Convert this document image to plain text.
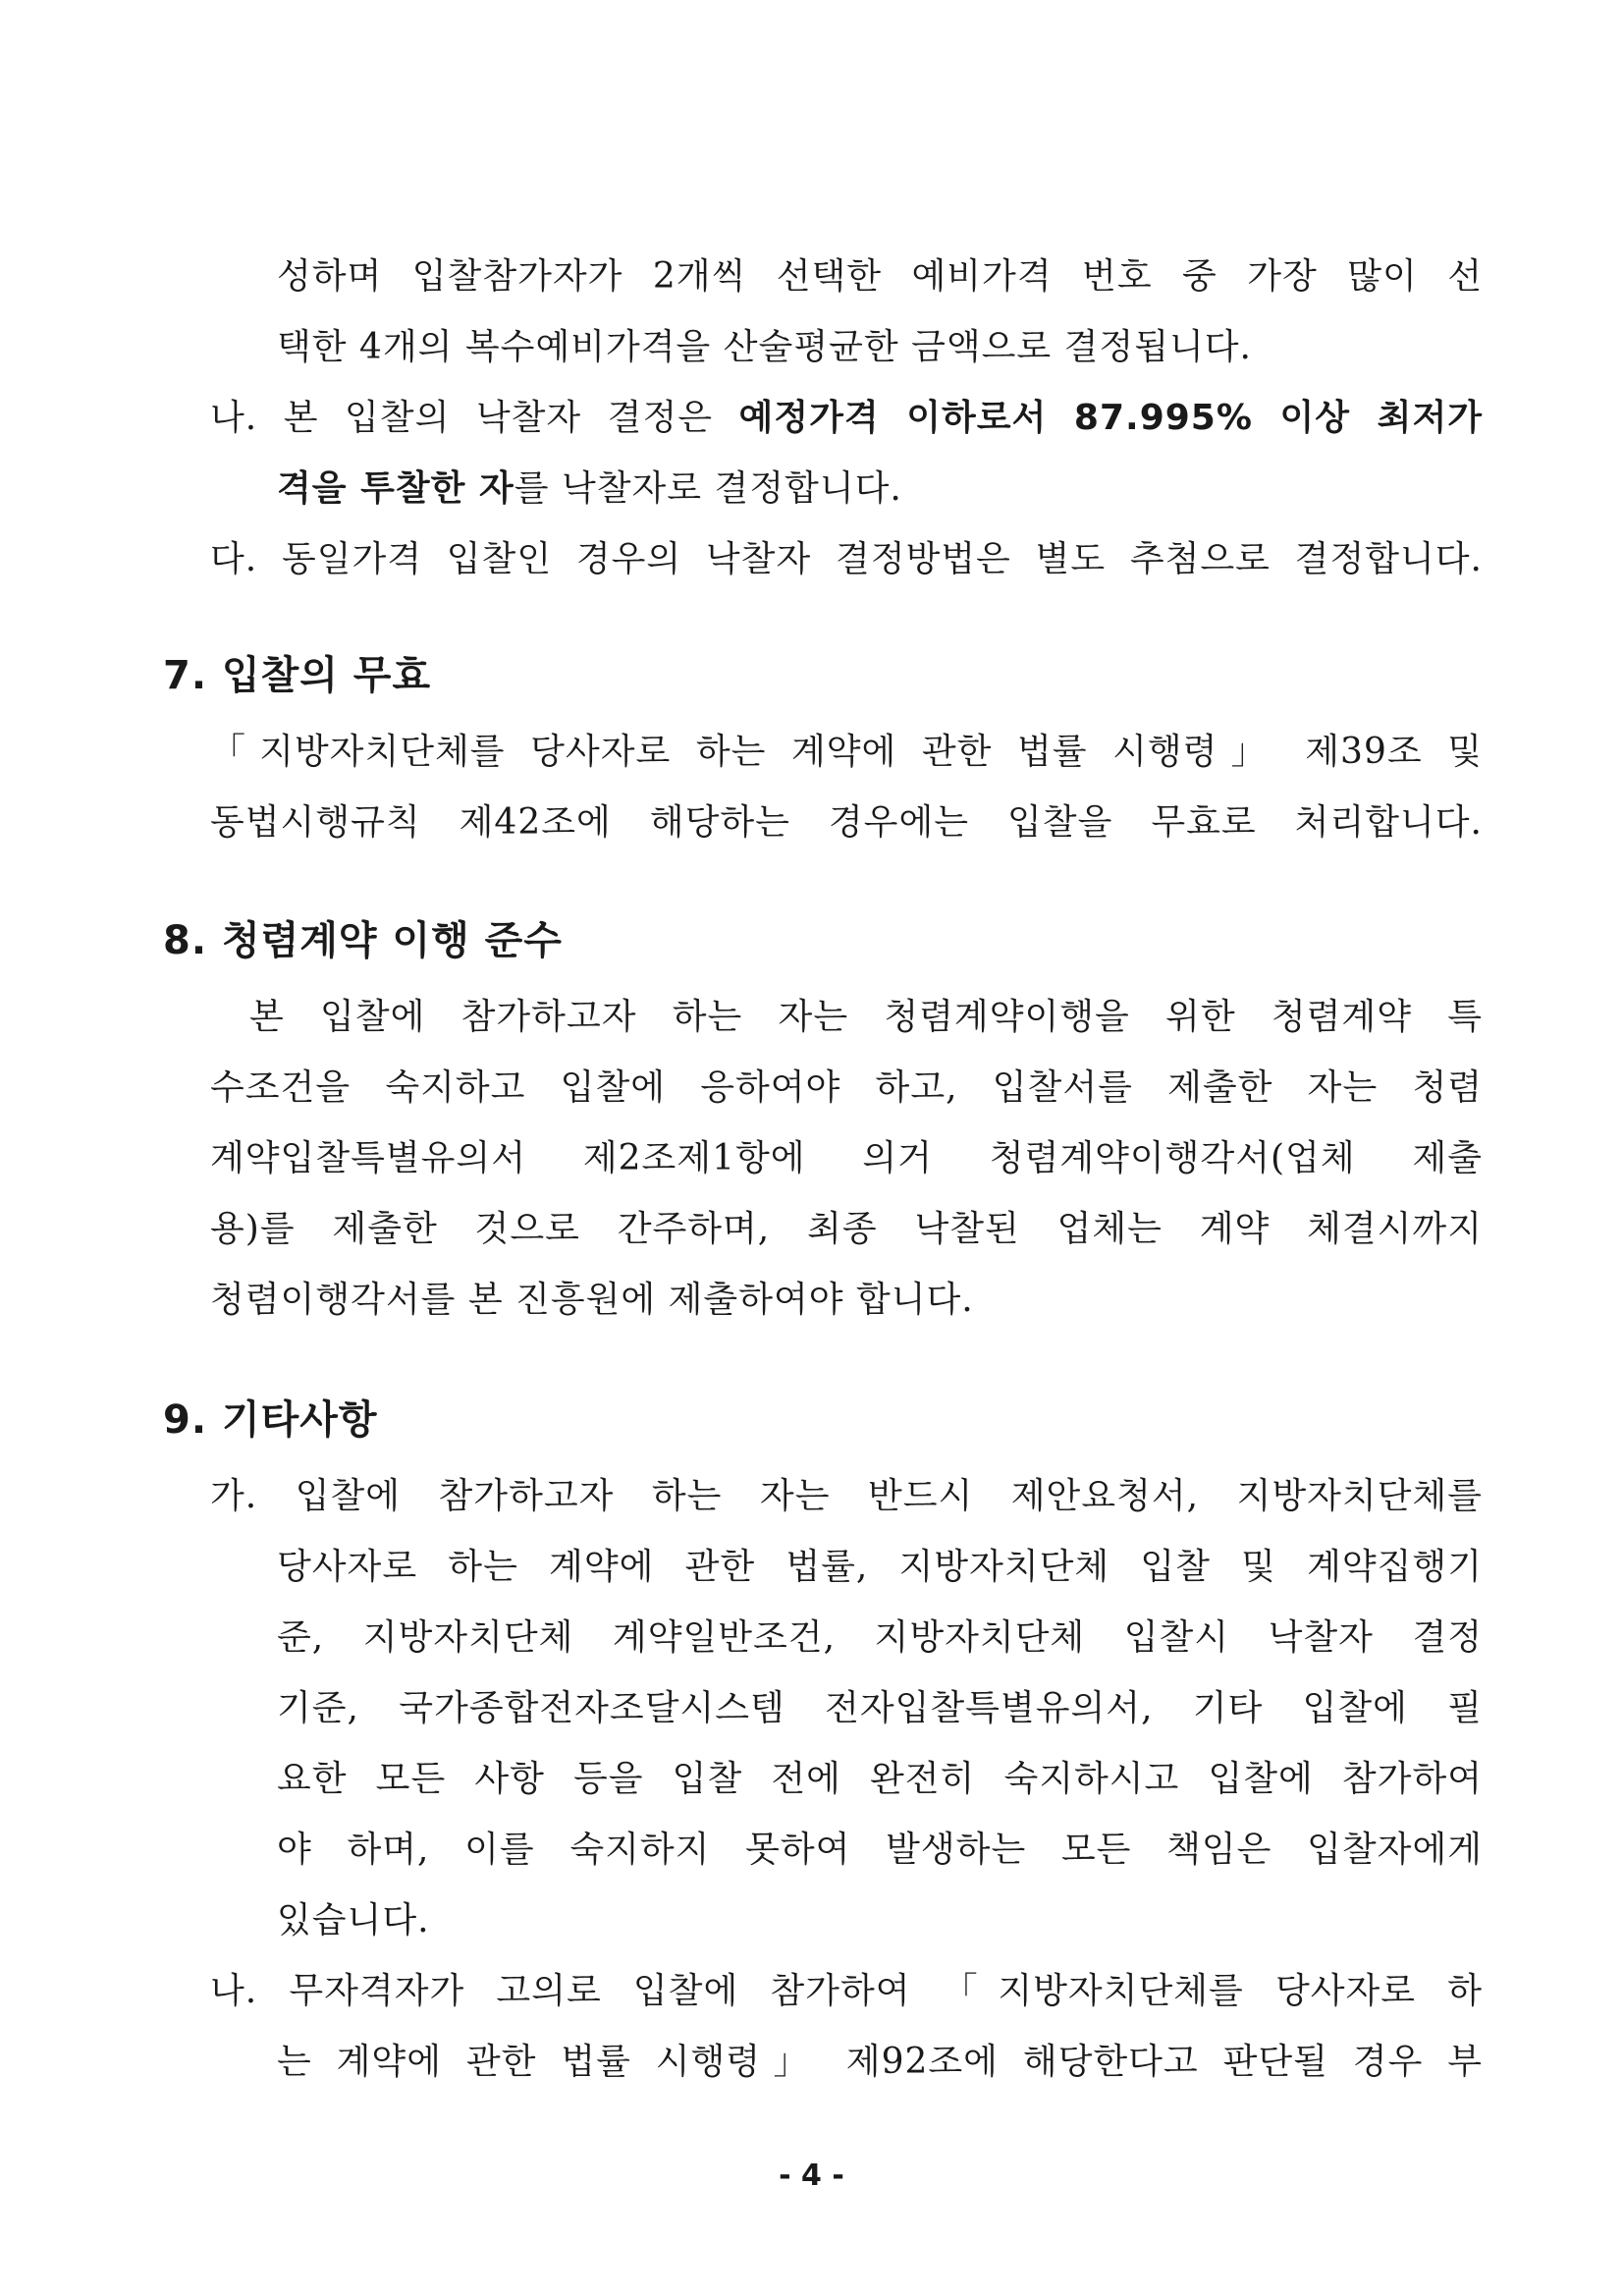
성하며 입찰참가자가 2개씩 선택한 예비가격 번호 중 가장 많이 선
택한 4개의 복수예비가격을 산술평균한 금액으로 결정됩니다.
나. 본 입찰의 낙찰자 결정은 예정가격 이하로서 87.995% 이상 최저가
격을 투찰한 자를 낙찰자로 결정합니다.
다. 동일가격 입찰인 경우의 낙찰자 결정방법은 별도 추첨으로 결정합니다.
7. 입찰의 무효
「지방자치단체를 당사자로 하는 계약에 관한 법률 시행령」 제39조 및
동법시행규칙 제42조에 해당하는 경우에는 입찰을 무효로 처리합니다.
8. 청렴계약 이행 준수
본 입찰에 참가하고자 하는 자는 청렴계약이행을 위한 청렴계약 특
수조건을 숙지하고 입찰에 응하여야 하고, 입찰서를 제출한 자는 청렴
계약입찰특별유의서 제2조제1항에 의거 청렴계약이행각서(업체 제출
용)를 제출한 것으로 간주하며, 최종 낙찰된 업체는 계약 체결시까지
청렴이행각서를 본 진흥원에 제출하여야 합니다.
9. 기타사항
가. 입찰에 참가하고자 하는 자는 반드시 제안요청서, 지방자치단체를
당사자로 하는 계약에 관한 법률, 지방자치단체 입찰 및 계약집행기
준, 지방자치단체 계약일반조건, 지방자치단체 입찰시 낙찰자 결정
기준, 국가종합전자조달시스템 전자입찰특별유의서, 기타 입찰에 필
요한 모든 사항 등을 입찰 전에 완전히 숙지하시고 입찰에 참가하여
야 하며, 이를 숙지하지 못하여 발생하는 모든 책임은 입찰자에게
있습니다.
나. 무자격자가 고의로 입찰에 참가하여 「지방자치단체를 당사자로 하
는 계약에 관한 법률 시행령」 제92조에 해당한다고 판단될 경우 부
- 4 -
